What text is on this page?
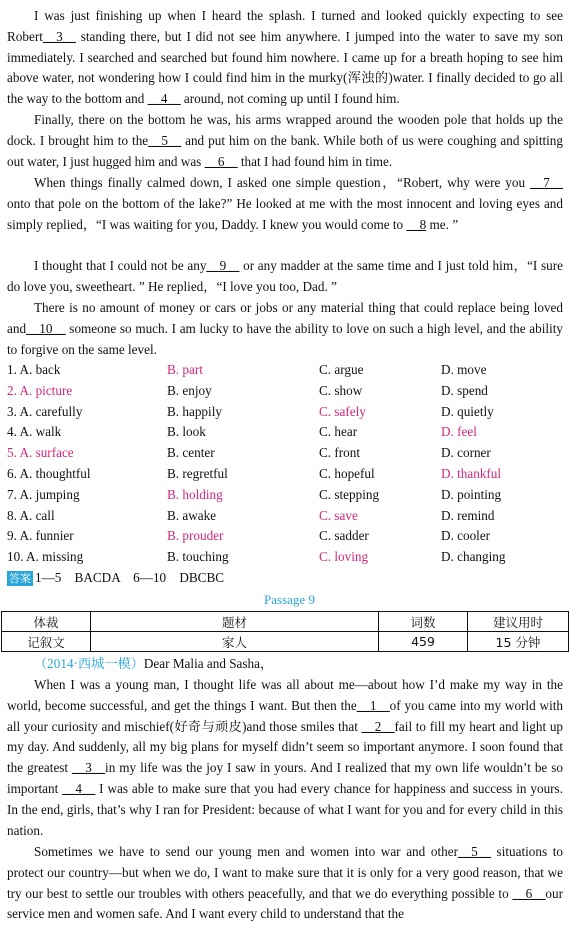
I was just finishing up when I heard the splash. I turned and looked quickly expecting to see Robert__3__ standing there, but I did not see him anywhere. I jumped into the water to save my son immediately. I searched and searched but found him nowhere. I came up for a breath hoping to see him above water, not wondering how I could find him in the murky(浑浊的)water. I finally decided to go all the way to the bottom and __4__ around, not coming up until I found him.

Finally, there on the bottom he was, his arms wrapped around the wooden pole that holds up the dock. I brought him to the__5__ and put him on the bank. While both of us were coughing and spitting out water, I just hugged him and was __6__ that I had found him in time.

When things finally calmed down, I asked one simple question，“Robert, why were you __7__ onto that pole on the bottom of the lake?” He looked at me with the most innocent and loving eyes and simply replied，“I was waiting for you, Daddy. I knew you would come to __8 me. ”

I thought that I could not be any__9__ or any madder at the same time and I just told him，“I sure do love you, sweetheart. ” He replied，“I love you too, Dad. ”

There is no amount of money or cars or jobs or any material thing that could replace being loved and__10__ someone so much. I am lucky to have the ability to love on such a high level, and the ability to forgive on the same level.

1. A. back	B. part	C. argue	D. move
2. A. picture	B. enjoy	C. show	D. spend
3. A. carefully	B. happily	C. safely	D. quietly
4. A. walk	B. look	C. hear	D. feel
5. A. surface	B. center	C. front	D. corner
6. A. thoughtful	B. regretful	C. hopeful	D. thankful
7. A. jumping	B. holding	C. stepping	D. pointing
8. A. call	B. awake	C. save	D. remind
9. A. funnier	B. prouder	C. sadder	D. cooler
10. A. missing	B. touching	C. loving	D. changing
答案 1—5　BACDA　6—10　DBCBC
Passage 9
体裁	题材	词数	建议用时
记叙文	家人	459	15 分钟

（2014·西城一模）Dear Malia and Sasha，

When I was a young man, I thought life was all about me—about how I’d make my way in the world, become successful, and get the things I want. But then the__1__of you came into my world with all your curiosity and mischief(好奇与顽皮)and those smiles that __2__fail to fill my heart and light up my day. And suddenly, all my big plans for myself didn’t seem so important anymore. I soon found that the greatest __3__in my life was the joy I saw in yours. And I realized that my own life wouldn’t be so important __4__ I was able to make sure that you had every chance for happiness and success in yours. In the end, girls, that’s why I ran for President: because of what I want for you and for every child in this nation.

Sometimes we have to send our young men and women into war and other__5__ situations to protect our country—but when we do, I want to make sure that it is only for a very good reason, that we try our best to settle our troubles with others peacefully, and that we do everything possible to __6__our service men and women safe. And I want every child to understand that the
